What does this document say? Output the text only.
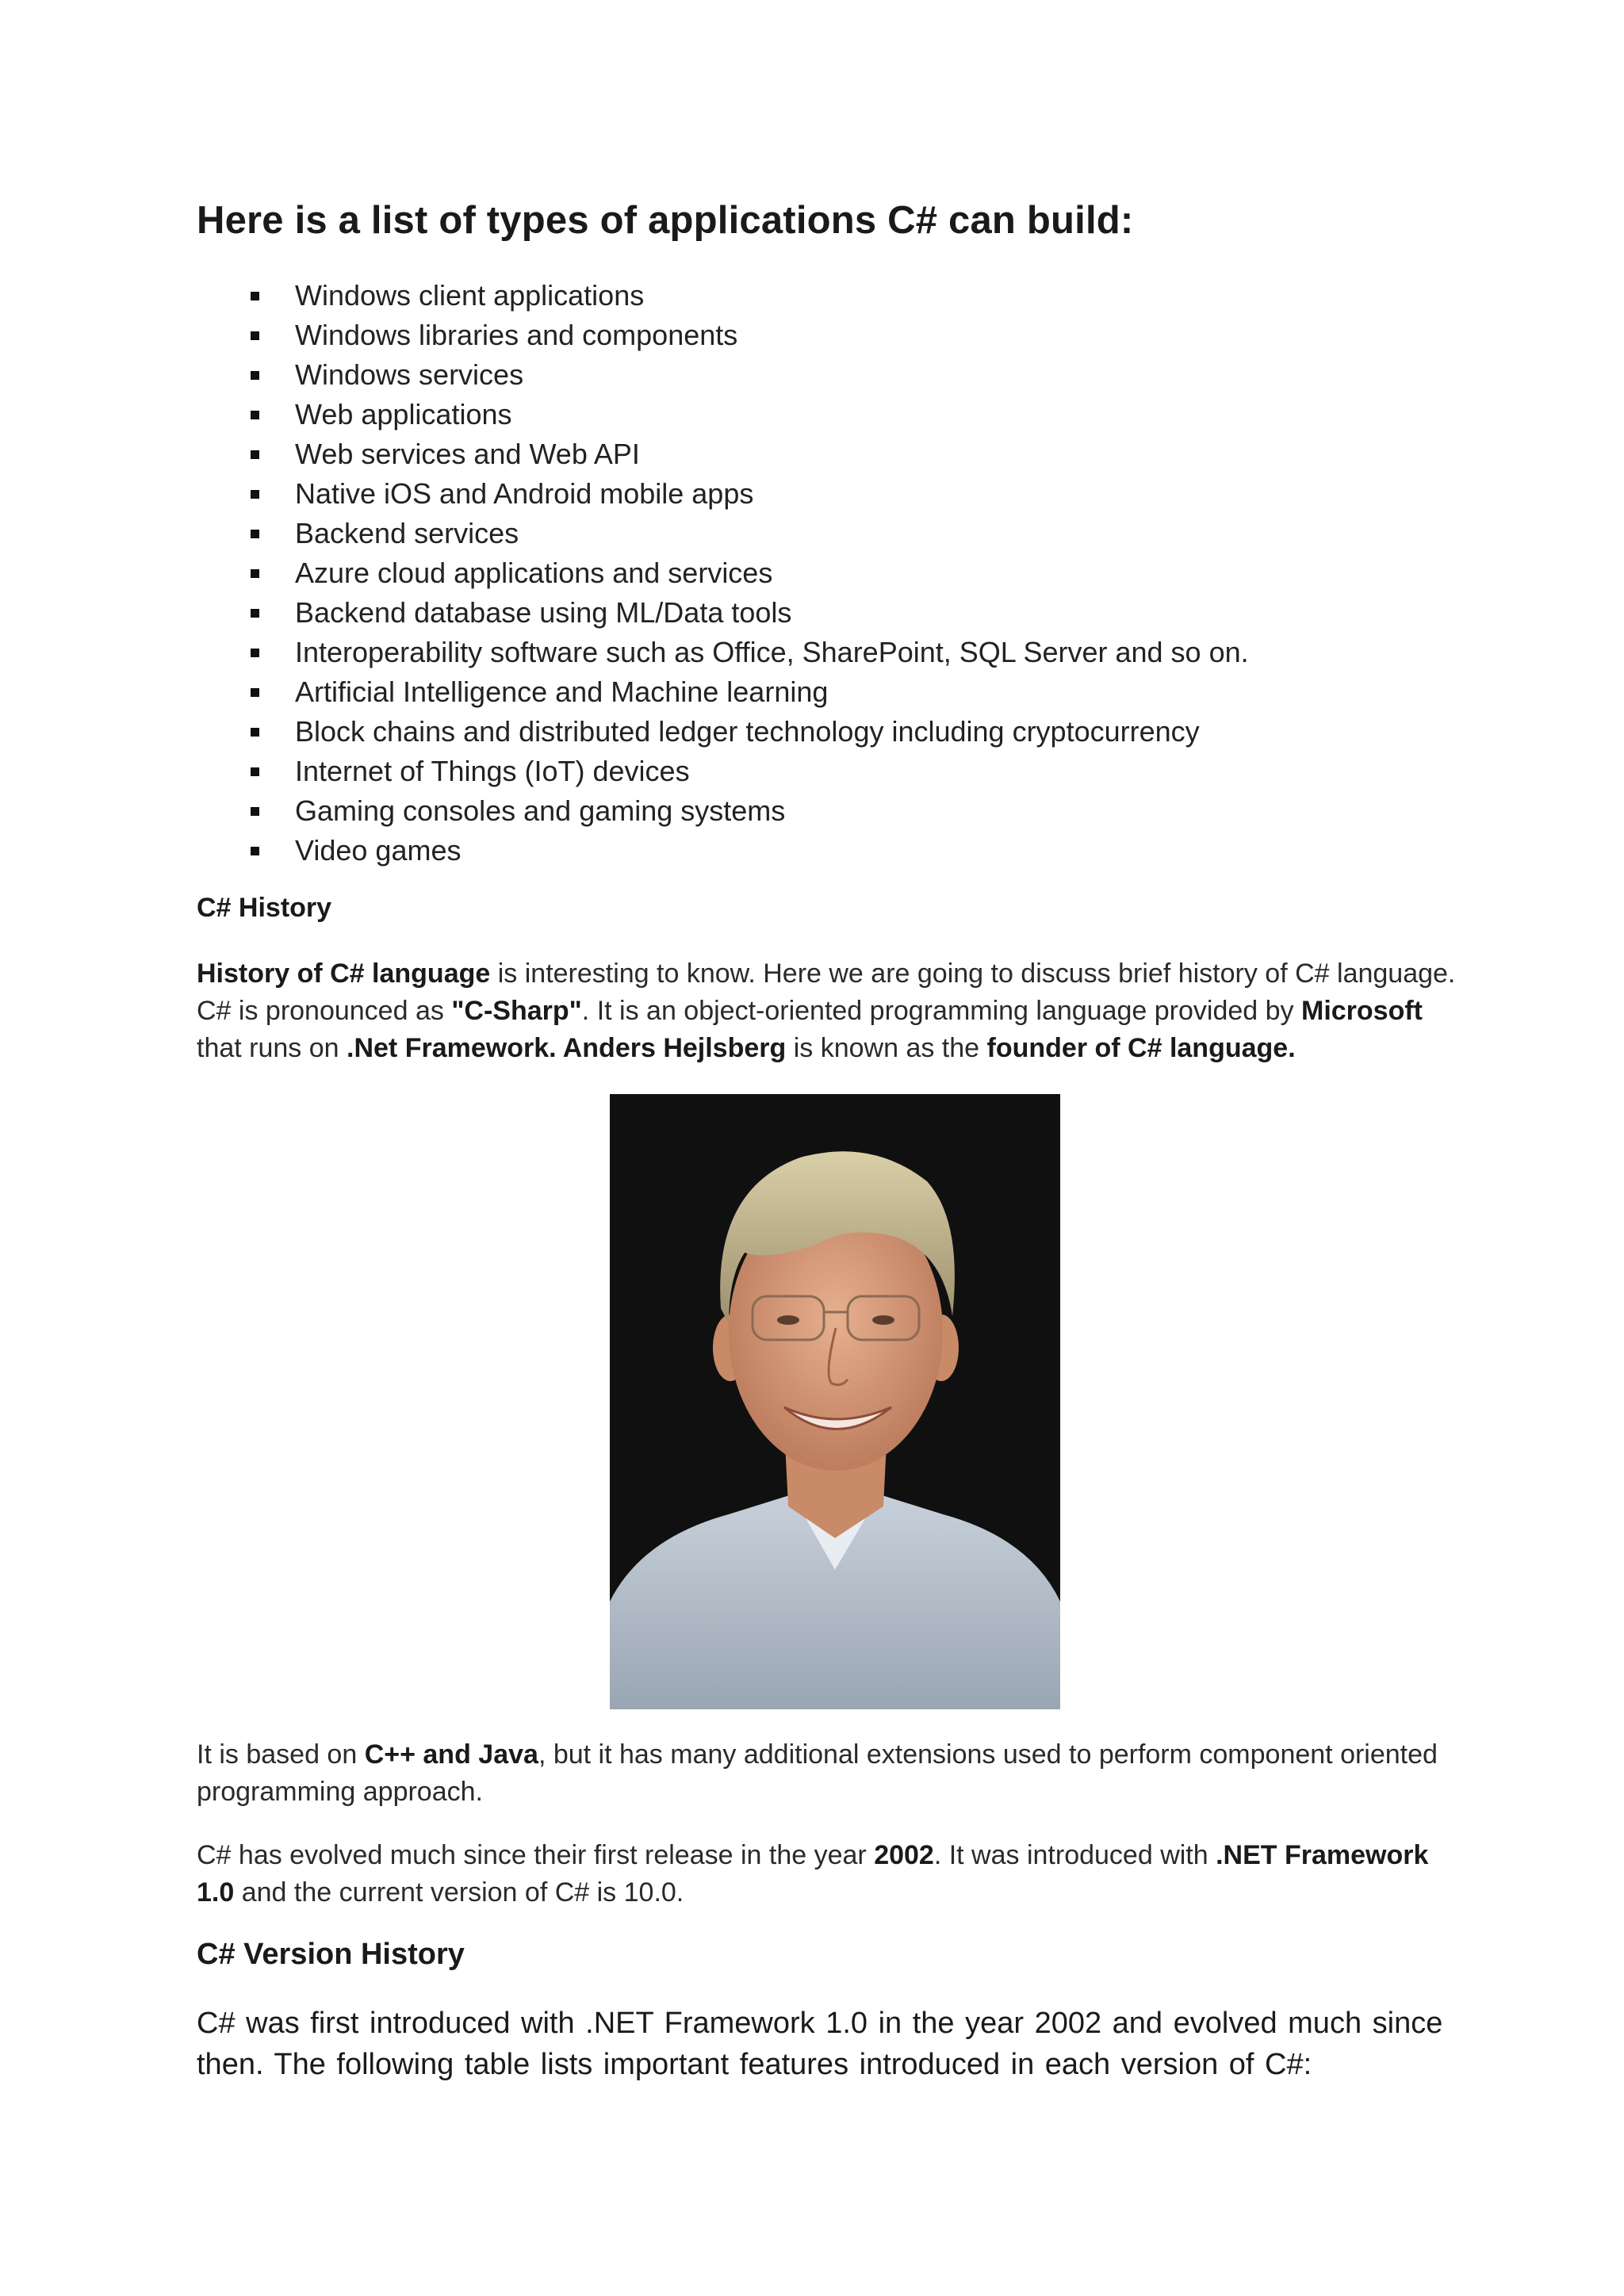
Here is a list of types of applications C# can build:
Windows client applications
Windows libraries and components
Windows services
Web applications
Web services and Web API
Native iOS and Android mobile apps
Backend services
Azure cloud applications and services
Backend database using ML/Data tools
Interoperability software such as Office, SharePoint, SQL Server and so on.
Artificial Intelligence and Machine learning
Block chains and distributed ledger technology including cryptocurrency
Internet of Things (IoT) devices
Gaming consoles and gaming systems
Video games
C# History

History of C# language is interesting to know. Here we are going to discuss brief history of C# language. C# is pronounced as "C-Sharp". It is an object-oriented programming language provided by Microsoft that runs on .Net Framework. Anders Hejlsberg is known as the founder of C# language.

It is based on C++ and Java, but it has many additional extensions used to perform component oriented programming approach.

C# has evolved much since their first release in the year 2002. It was introduced with .NET Framework 1.0 and the current version of C# is 10.0.

C# Version History

C# was first introduced with .NET Framework 1.0 in the year 2002 and evolved much since then. The following table lists important features introduced in each version of C#:
